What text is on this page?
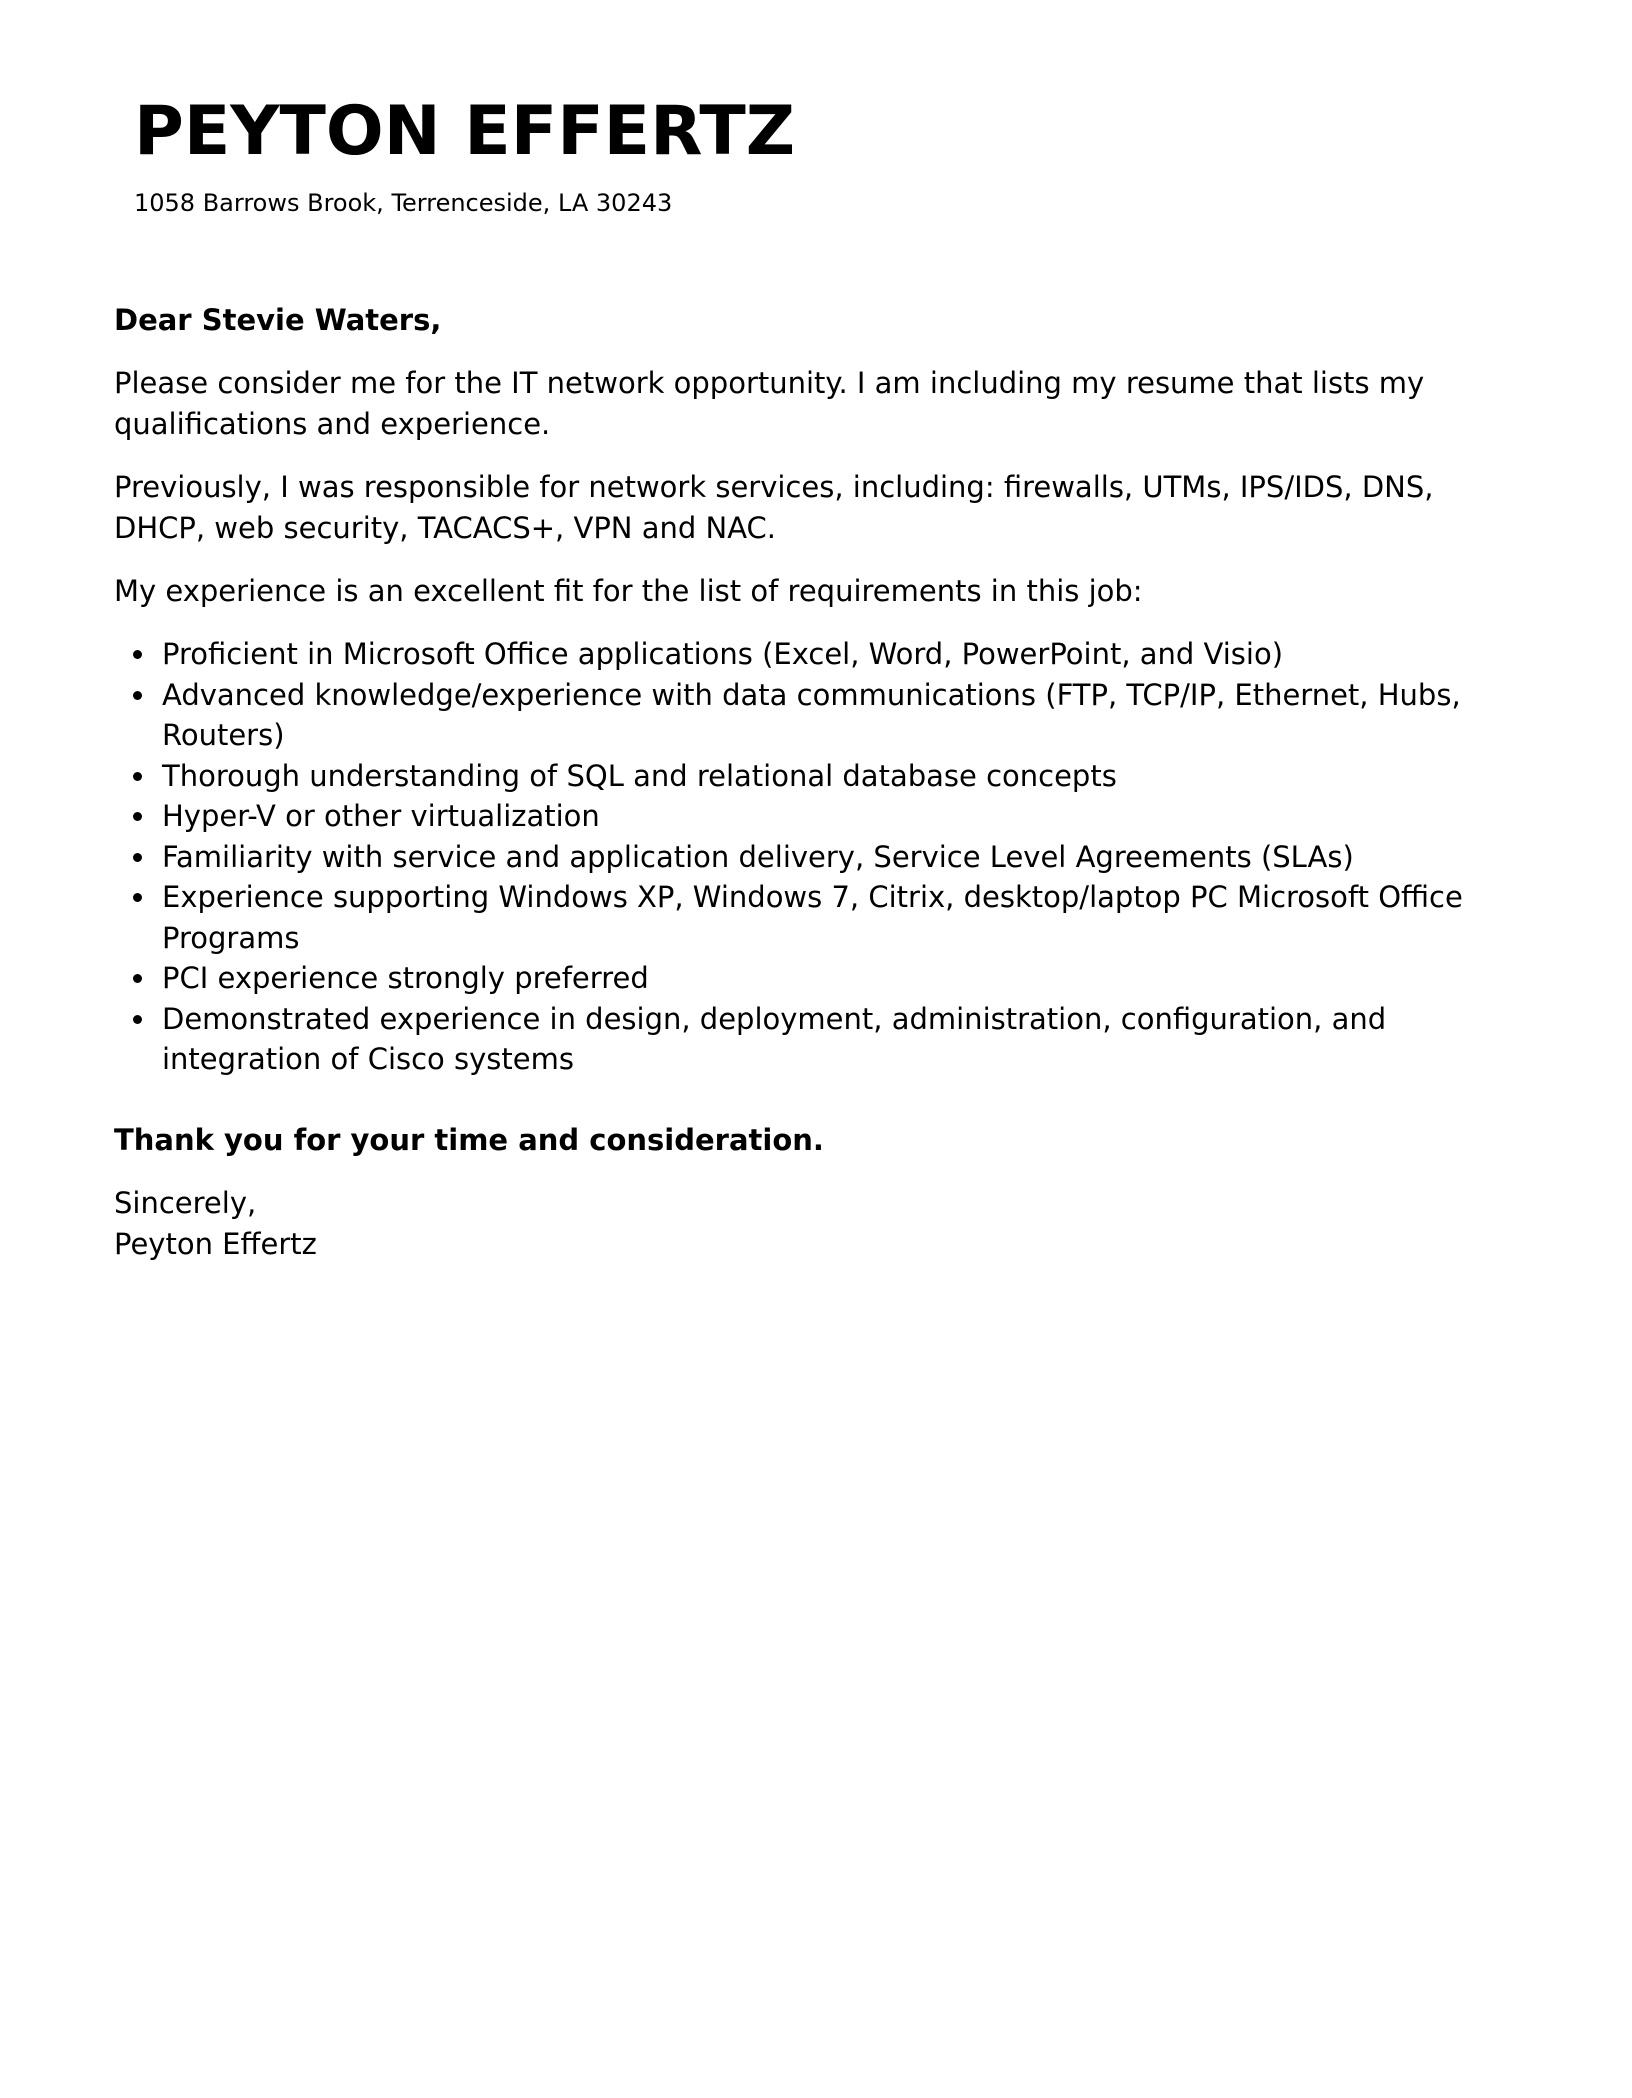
PEYTON EFFERTZ
1058 Barrows Brook, Terrenceside, LA 30243

Dear Stevie Waters,

Please consider me for the IT network opportunity. I am including my resume that lists my qualifications and experience.

Previously, I was responsible for network services, including: firewalls, UTMs, IPS/IDS, DNS, DHCP, web security, TACACS+, VPN and NAC.

My experience is an excellent fit for the list of requirements in this job:

Proficient in Microsoft Office applications (Excel, Word, PowerPoint, and Visio)
Advanced knowledge/experience with data communications (FTP, TCP/IP, Ethernet, Hubs, Routers)
Thorough understanding of SQL and relational database concepts
Hyper-V or other virtualization
Familiarity with service and application delivery, Service Level Agreements (SLAs)
Experience supporting Windows XP, Windows 7, Citrix, desktop/laptop PC Microsoft Office Programs
PCI experience strongly preferred
Demonstrated experience in design, deployment, administration, configuration, and integration of Cisco systems

Thank you for your time and consideration.

Sincerely,

Peyton Effertz
